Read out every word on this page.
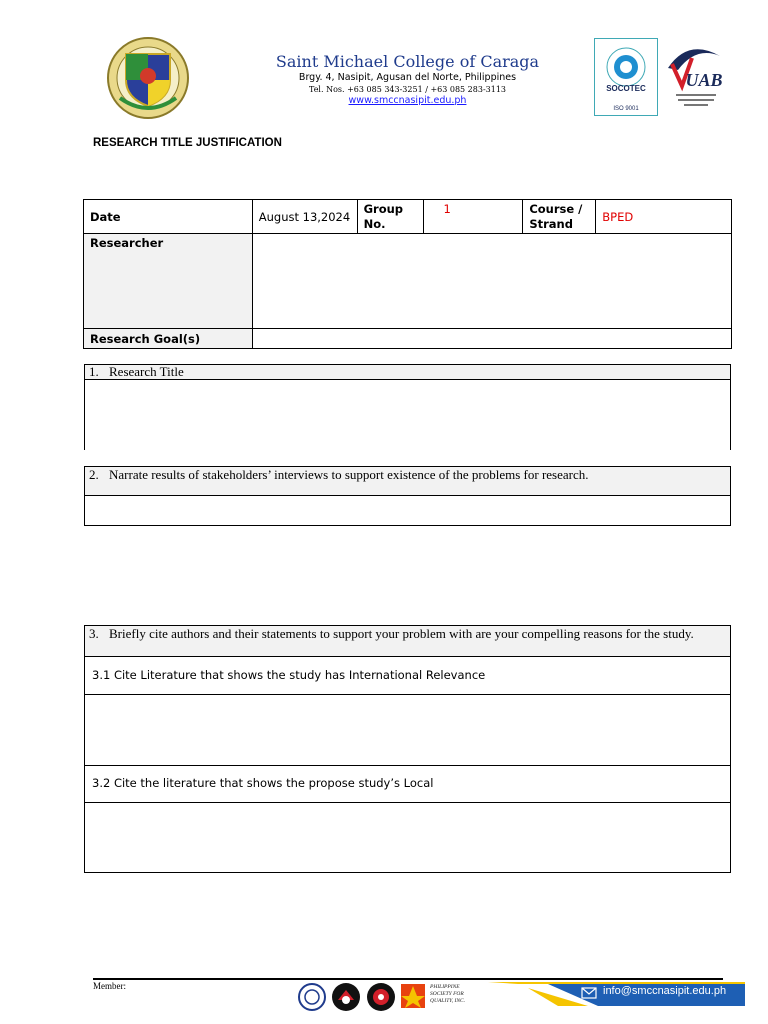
Saint Michael College of Caraga
Brgy. 4, Nasipit, Agusan del Norte, Philippines
Tel. Nos. +63 085 343-3251 / +63 085 283-3113
www.smccnasipit.edu.ph
SOCOTEC
ISO 9001
UAB
RESEARCH TITLE JUSTIFICATION
Date	August 13,2024	Group No.	1	Course / Strand	BPED
Researcher					
Research Goal(s)					
1. Research Title
2. Narrate results of stakeholders’ interviews to support existence of the problems for research.
3. Briefly cite authors and their statements to support your problem with are your compelling reasons for the study.
3.1 Cite Literature that shows the study has International Relevance
3.2 Cite the literature that shows the propose study’s Local
Member:	PHILIPPINE SOCIETY FOR QUALITY, INC.
info@smccnasipit.edu.ph
